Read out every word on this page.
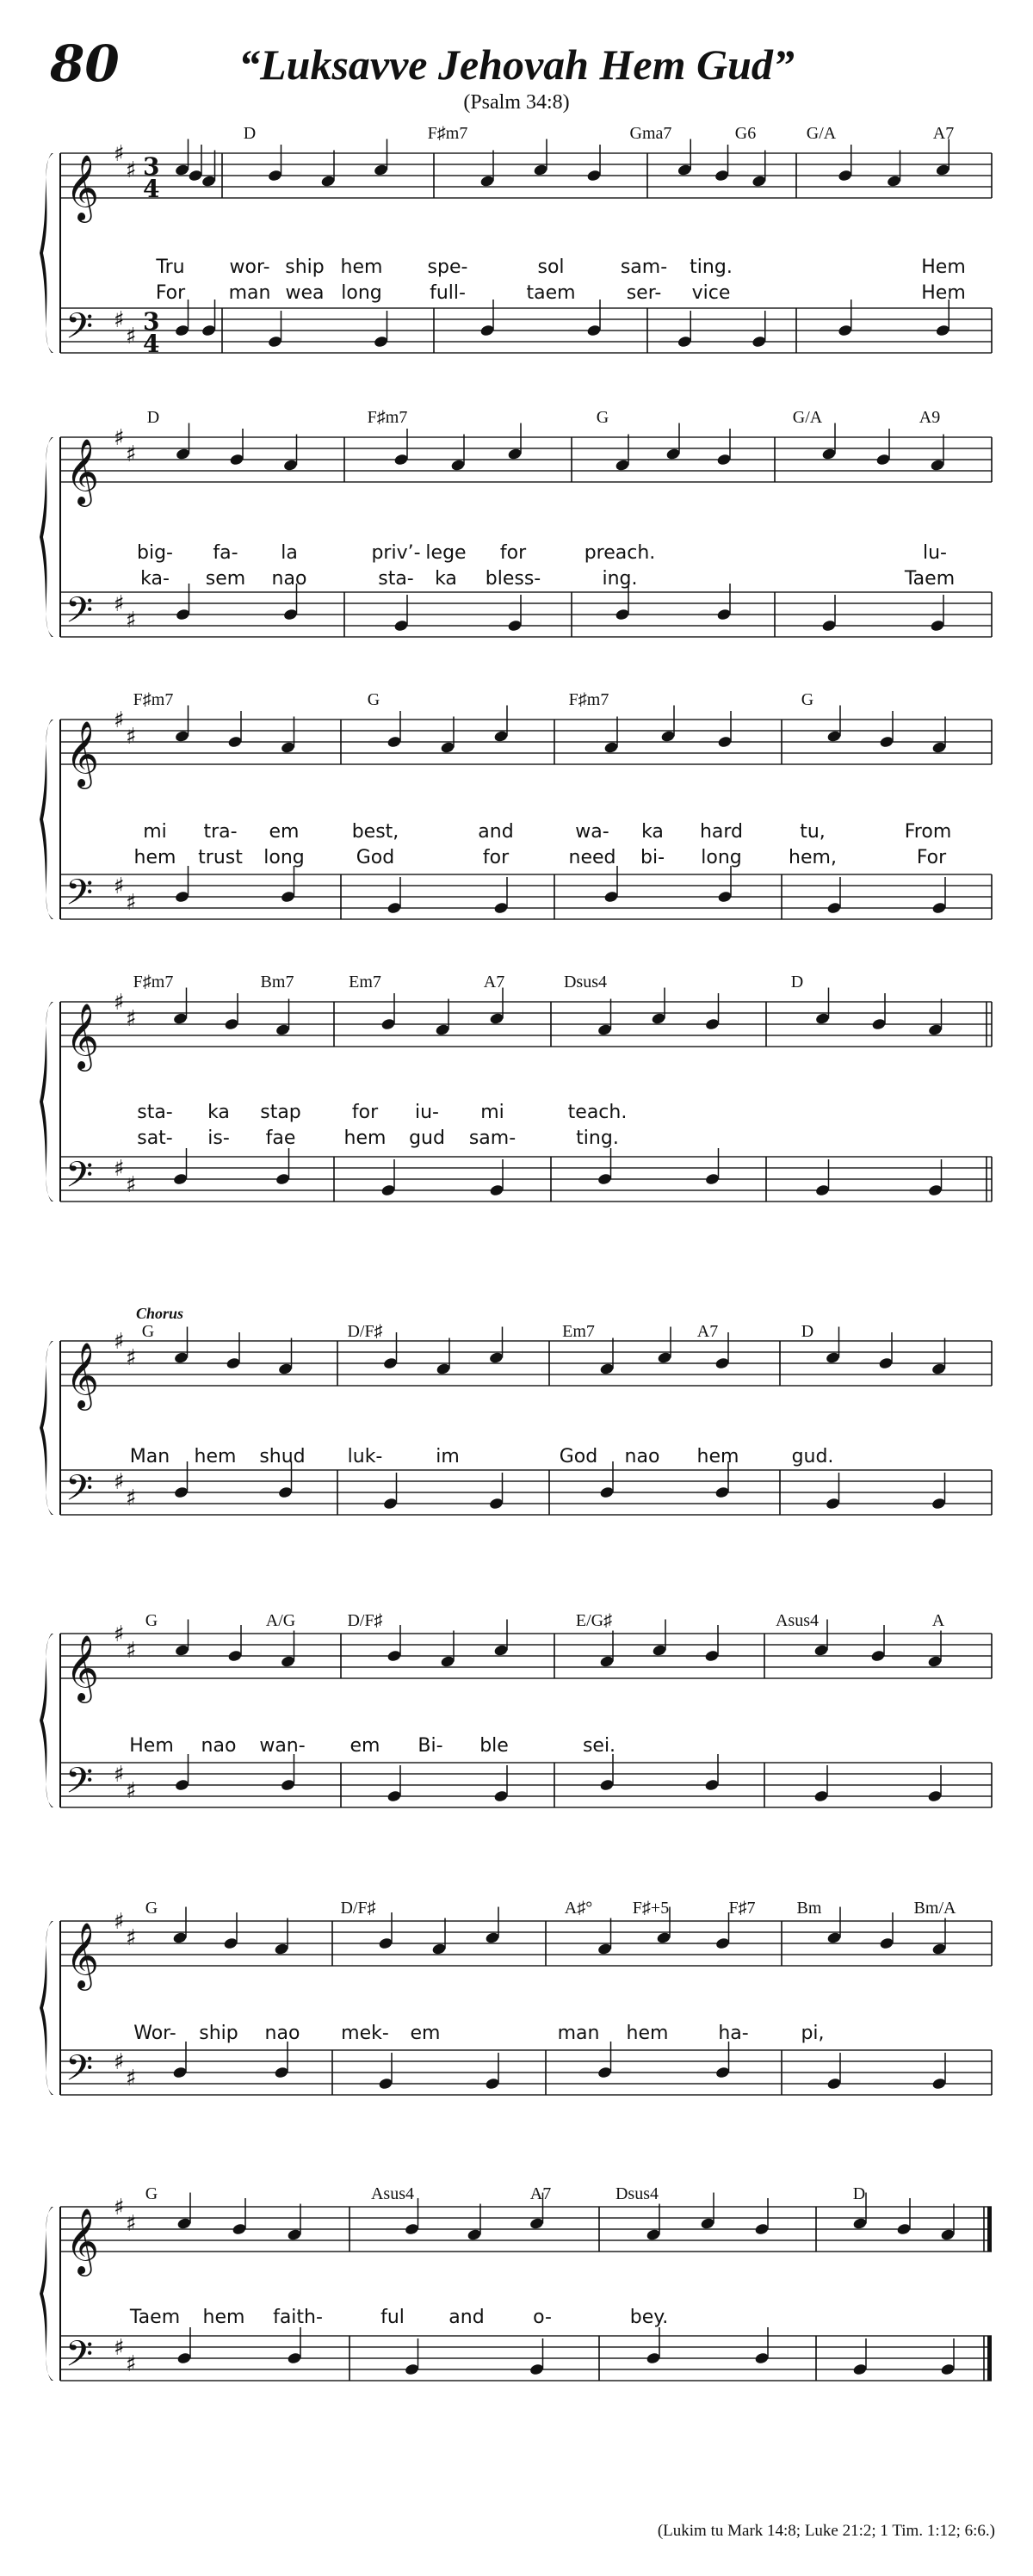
80	“Luksavve Jehovah Hem Gud”
(Psalm 34:8)
𝄞 ♯
♯ 3
4
𝄢 ♯
♯
3
4
D	F♯m7	Gma7	G6	G/A	A7
Tru wor- ship hem spe-	sol	sam- ting.	Hem
For man wea long	full-	taem	ser- vice	Hem
𝄞 ♯
♯
𝄢 ♯
♯
D	F♯m7	G	G/A	A9
big- fa- la	priv’- lege for	preach.	lu-
ka- sem nao	sta- ka bless-	ing.	Taem
𝄞 ♯
♯
𝄢 ♯
♯
F♯m7	G	F♯m7	G
mi tra- em	best,	and	wa- ka hard	tu,	From
hem trust long	God	for	need bi- long hem,	For
𝄞 ♯
♯
𝄢 ♯
♯
F♯m7	Bm7	Em7	A7	Dsus4	D
sta- ka stap	for iu- mi	teach.
sat- is- fae	hem gud sam-	ting.
𝄞 ♯
♯
𝄢 ♯
♯
Chorus
G	D/F♯	Em7	A7	D
Man hem shud luk-	im	God nao hem	gud.
𝄞 ♯
♯
𝄢 ♯
♯
G	A/G	D/F♯	E/G♯	Asus4	A
Hem nao wan- em Bi- ble	sei.
𝄞 ♯
♯
𝄢 ♯
♯
G	D/F♯	A♯° F♯+5	F♯7 Bm	Bm/A
Wor- ship nao mek- em	man hem	ha-	pi,
𝄞 ♯
♯
𝄢 ♯
♯
G	Asus4	A7	Dsus4	D
Taem hem faith-	ful and	o-	bey.
(Lukim tu Mark 14:8; Luke 21:2; 1 Tim. 1:12; 6:6.)
